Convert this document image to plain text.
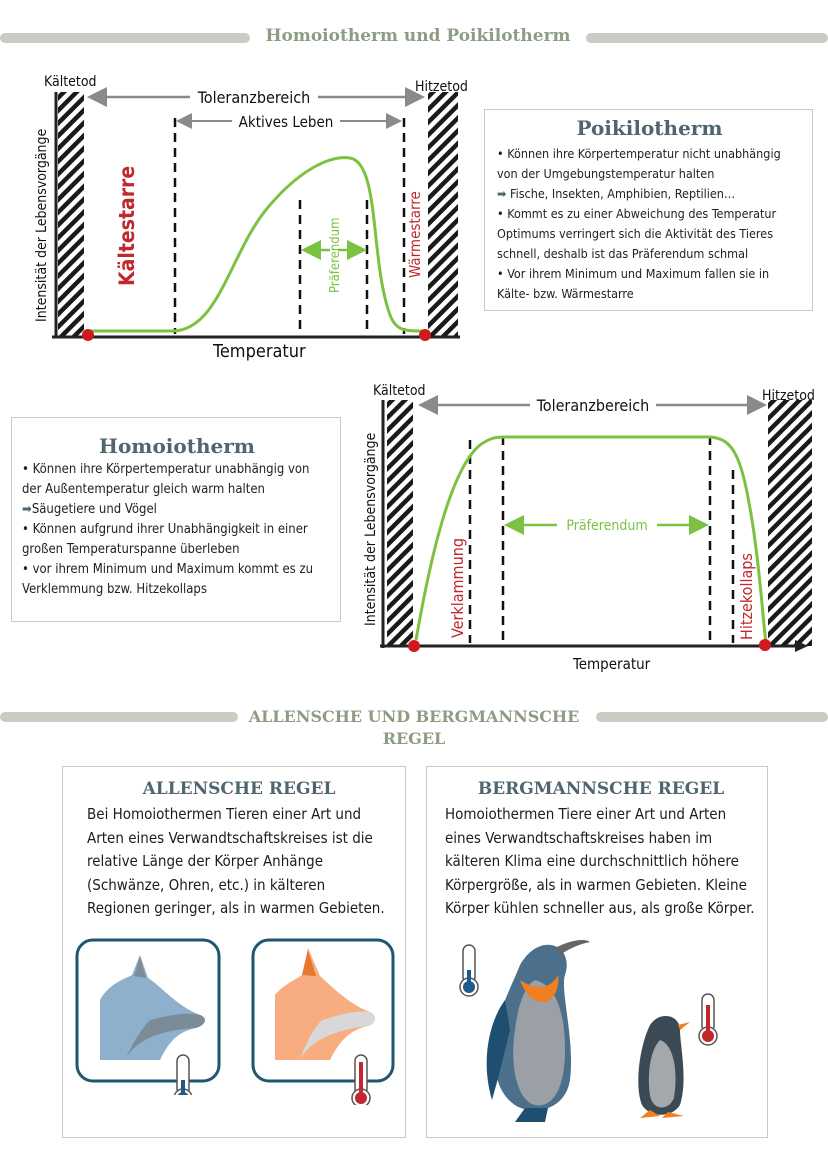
Homoiotherm und Poikilotherm
Toleranzbereich
Kältetod	Hitzetod
Aktives Leben
Präferendum
Kältestarre	Wärmestarre
Intensität der Lebensvorgänge
Temperatur
Poikilotherm

• Können ihre Körpertemperatur nicht unabhängig von der Umgebungstemperatur halten

➡ Fische, Insekten, Amphibien, Reptilien…

• Kommt es zu einer Abweichung des Temperatur Optimums verringert sich die Aktivität des Tieres schnell, deshalb ist das Präferendum schmal

• Vor ihrem Minimum und Maximum fallen sie in Kälte- bzw. Wärmestarre

Homoiotherm

• Können ihre Körpertemperatur unabhängig von der Außentemperatur gleich warm halten

➡Säugetiere und Vögel

• Können aufgrund ihrer Unabhängigkeit in einer großen Temperaturspanne überleben

• vor ihrem Minimum und Maximum kommt es zu Verklemmung bzw. Hitzekollaps

Kältetod	Hitzetod
Toleranzbereich
Präferendum
Verklammung	Hitzekollaps
Intensität der Lebensvorgänge
Temperatur
ALLENSCHE UND BERGMANNSCHE
REGEL
ALLENSCHE REGEL
Bei Homoiothermen Tieren einer Art und Arten eines Verwandtschaftskreises ist die relative Länge der Körper Anhänge (Schwänze, Ohren, etc.) in kälteren Regionen geringer, als in warmen Gebieten.
BERGMANNSCHE REGEL
Homoiothermen Tiere einer Art und Arten eines Verwandtschaftskreises haben im kälteren Klima eine durchschnittlich höhere Körpergröße, als in warmen Gebieten. Kleine Körper kühlen schneller aus, als große Körper.
